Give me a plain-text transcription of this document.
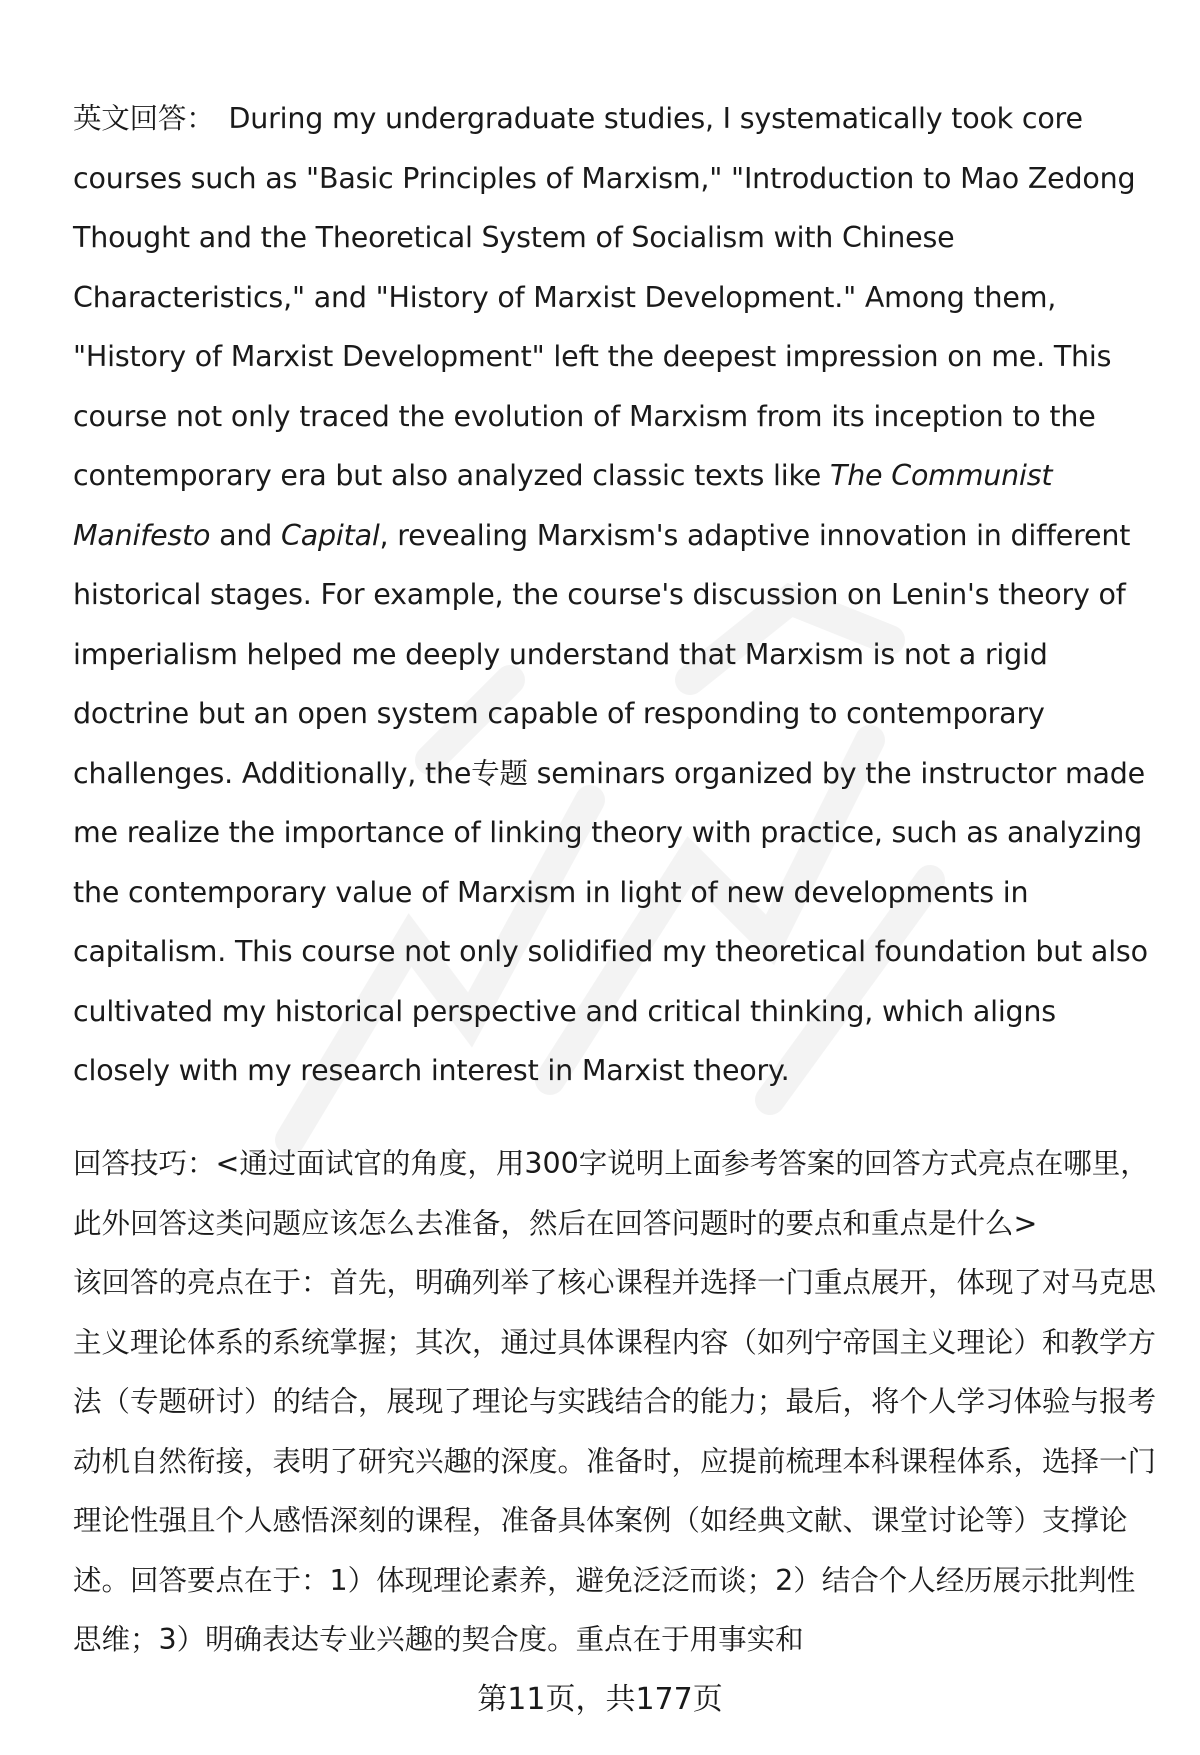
英文回答： During my undergraduate studies, I systematically took core courses such as "Basic Principles of Marxism," "Introduction to Mao Zedong Thought and the Theoretical System of Socialism with Chinese Characteristics," and "History of Marxist Development." Among them, "History of Marxist Development" left the deepest impression on me. This course not only traced the evolution of Marxism from its inception to the contemporary era but also analyzed classic texts like The Communist Manifesto and Capital, revealing Marxism's adaptive innovation in different historical stages. For example, the course's discussion on Lenin's theory of imperialism helped me deeply understand that Marxism is not a rigid doctrine but an open system capable of responding to contemporary challenges. Additionally, the专题 seminars organized by the instructor made me realize the importance of linking theory with practice, such as analyzing the contemporary value of Marxism in light of new developments in capitalism. This course not only solidified my theoretical foundation but also cultivated my historical perspective and critical thinking, which aligns closely with my research interest in Marxist theory.

回答技巧：<通过面试官的角度，用300字说明上面参考答案的回答方式亮点在哪里，此外回答这类问题应该怎么去准备，然后在回答问题时的要点和重点是什么>
该回答的亮点在于：首先，明确列举了核心课程并选择一门重点展开，体现了对马克思主义理论体系的系统掌握；其次，通过具体课程内容（如列宁帝国主义理论）和教学方法（专题研讨）的结合，展现了理论与实践结合的能力；最后，将个人学习体验与报考动机自然衔接，表明了研究兴趣的深度。准备时，应提前梳理本科课程体系，选择一门理论性强且个人感悟深刻的课程，准备具体案例（如经典文献、课堂讨论等）支撑论述。回答要点在于：1）体现理论素养，避免泛泛而谈；2）结合个人经历展示批判性思维；3）明确表达专业兴趣的契合度。重点在于用事实和

第11页，共177页
